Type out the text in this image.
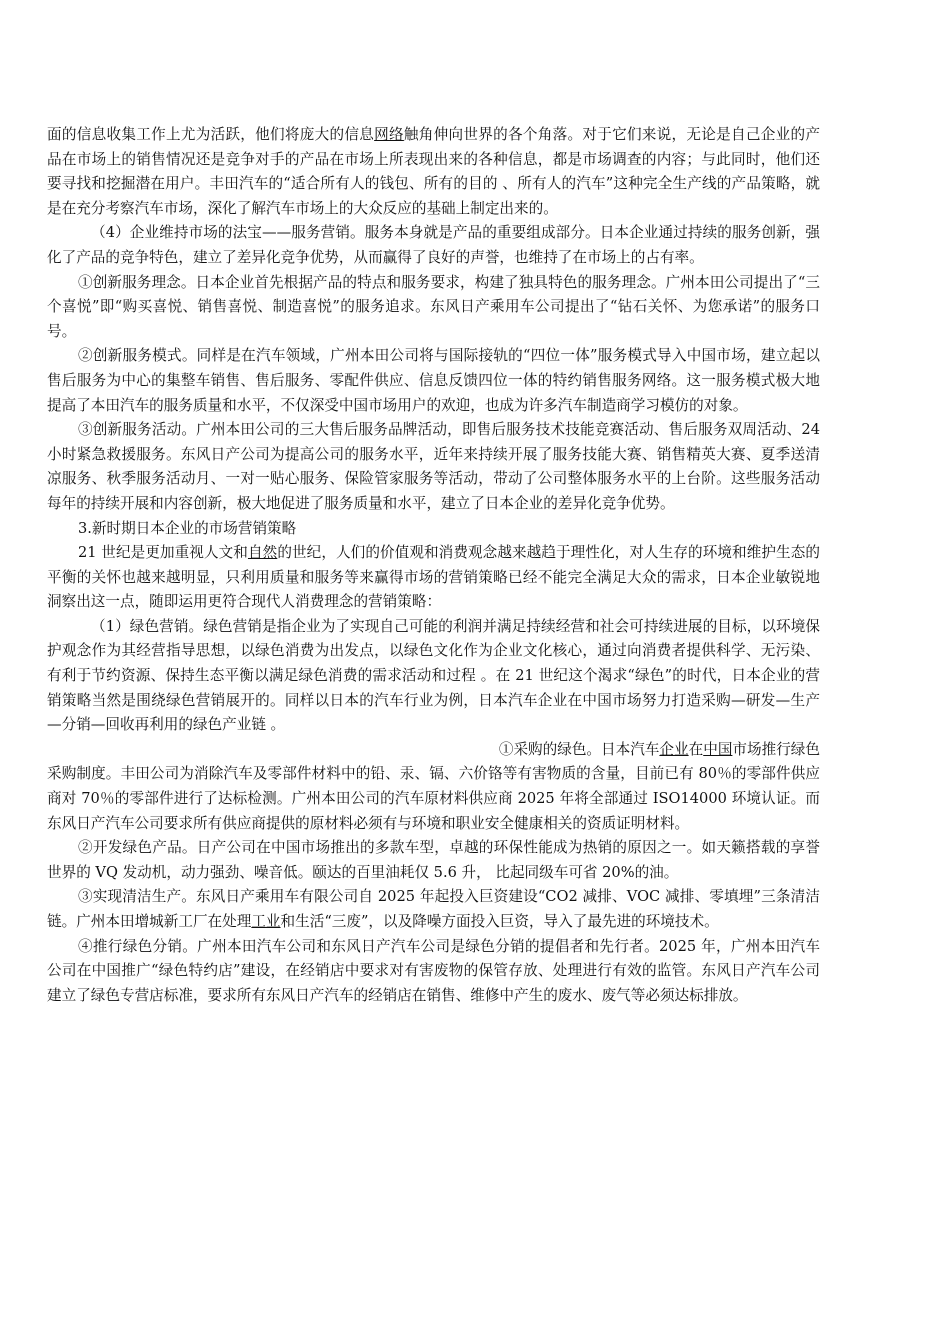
面的信息收集工作上尤为活跃，他们将庞大的信息网络触角伸向世界的各个角落。对于它们来说，无论是自己企业的产品在市场上的销售情况还是竞争对手的产品在市场上所表现出来的各种信息，都是市场调查的内容；与此同时，他们还要寻找和挖掘潜在用户。丰田汽车的“适合所有人的钱包、所有的目的 、所有人的汽车”这种完全生产线的产品策略，就是在充分考察汽车市场，深化了解汽车市场上的大众反应的基础上制定出来的。

（4）企业维持市场的法宝——服务营销。服务本身就是产品的重要组成部分。日本企业通过持续的服务创新，强化了产品的竞争特色，建立了差异化竞争优势，从而赢得了良好的声誉，也维持了在市场上的占有率。

①创新服务理念。日本企业首先根据产品的特点和服务要求，构建了独具特色的服务理念。广州本田公司提出了“三个喜悦”即“购买喜悦、销售喜悦、制造喜悦”的服务追求。东风日产乘用车公司提出了“钻石关怀、为您承诺”的服务口号。

②创新服务模式。同样是在汽车领域，广州本田公司将与国际接轨的“四位一体”服务模式导入中国市场，建立起以售后服务为中心的集整车销售、售后服务、零配件供应、信息反馈四位一体的特约销售服务网络。这一服务模式极大地提高了本田汽车的服务质量和水平，不仅深受中国市场用户的欢迎，也成为许多汽车制造商学习模仿的对象。

③创新服务活动。广州本田公司的三大售后服务品牌活动，即售后服务技术技能竞赛活动、售后服务双周活动、24 小时紧急救援服务。东风日产公司为提高公司的服务水平，近年来持续开展了服务技能大赛、销售精英大赛、夏季送清凉服务、秋季服务活动月、一对一贴心服务、保险管家服务等活动，带动了公司整体服务水平的上台阶。这些服务活动每年的持续开展和内容创新，极大地促进了服务质量和水平，建立了日本企业的差异化竞争优势。

3.新时期日本企业的市场营销策略

21 世纪是更加重视人文和自然的世纪，人们的价值观和消费观念越来越趋于理性化，对人生存的环境和维护生态的平衡的关怀也越来越明显，只利用质量和服务等来赢得市场的营销策略已经不能完全满足大众的需求，日本企业敏锐地洞察出这一点，随即运用更符合现代人消费理念的营销策略：

（1）绿色营销。绿色营销是指企业为了实现自己可能的利润并满足持续经营和社会可持续进展的目标，以环境保护观念作为其经营指导思想，以绿色消费为出发点，以绿色文化作为企业文化核心，通过向消费者提供科学、无污染、有利于节约资源、保持生态平衡以满足绿色消费的需求活动和过程 。在 21 世纪这个渴求“绿色”的时代，日本企业的营销策略当然是围绕绿色营销展开的。同样以日本的汽车行业为例，日本汽车企业在中国市场努力打造采购—研发—生产—分销—回收再利用的绿色产业链 。

①采购的绿色。日本汽车企业在中国市场推行绿色

采购制度。丰田公司为消除汽车及零部件材料中的铅、汞、镉、六价铬等有害物质的含量，目前已有 80％的零部件供应商对 70％的零部件进行了达标检测。广州本田公司的汽车原材料供应商 2025 年将全部通过 ISO14000 环境认证。而东风日产汽车公司要求所有供应商提供的原材料必须有与环境和职业安全健康相关的资质证明材料。

②开发绿色产品。日产公司在中国市场推出的多款车型，卓越的环保性能成为热销的原因之一。如天籁搭载的享誉世界的 VQ 发动机，动力强劲、噪音低。颐达的百里油耗仅 5.6 升， 比起同级车可省 20%的油。

③实现清洁生产。东风日产乘用车有限公司自 2025 年起投入巨资建设“CO2 减排、VOC 减排、零填埋”三条清洁链。广州本田增城新工厂在处理工业和生活“三废”，以及降噪方面投入巨资，导入了最先进的环境技术。

④推行绿色分销。广州本田汽车公司和东风日产汽车公司是绿色分销的提倡者和先行者。2025 年，广州本田汽车公司在中国推广“绿色特约店”建设，在经销店中要求对有害废物的保管存放、处理进行有效的监管。东风日产汽车公司建立了绿色专营店标准，要求所有东风日产汽车的经销店在销售、维修中产生的废水、废气等必须达标排放。
